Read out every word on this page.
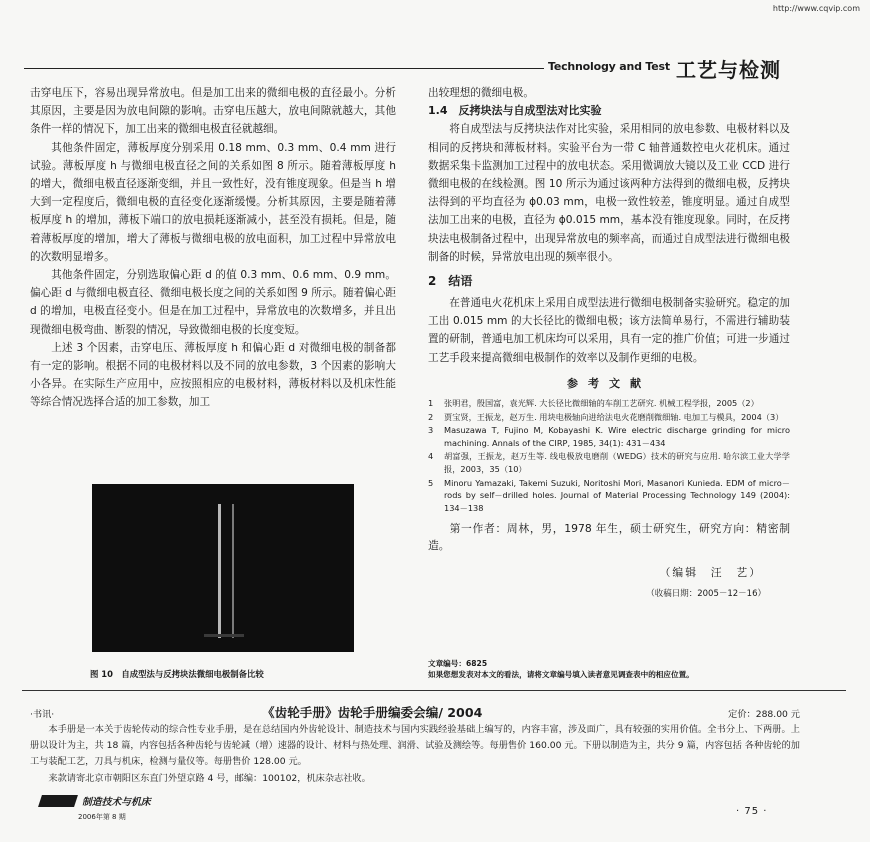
http://www.cqvip.com
Technology and Test 工艺与检测

击穿电压下，容易出现异常放电。但是加工出来的微细电极的直径最小。分析其原因，主要是因为放电间隙的影响。击穿电压越大，放电间隙就越大，其他条件一样的情况下，加工出来的微细电极直径就越细。

其他条件固定，薄板厚度分别采用 0.18 mm、0.3 mm、0.4 mm 进行试验。薄板厚度 h 与微细电极直径之间的关系如图 8 所示。随着薄板厚度 h 的增大，微细电极直径逐渐变细，并且一致性好，没有锥度现象。但是当 h 增大到一定程度后，微细电极的直径变化逐渐缓慢。分析其原因，主要是随着薄板厚度 h 的增加，薄板下端口的放电损耗逐渐减小，甚至没有损耗。但是，随着薄板厚度的增加，增大了薄板与微细电极的放电面积，加工过程中异常放电的次数明显增多。

其他条件固定，分别选取偏心距 d 的值 0.3 mm、0.6 mm、0.9 mm。偏心距 d 与微细电极直径、微细电极长度之间的关系如图 9 所示。随着偏心距 d 的增加，电极直径变小。但是在加工过程中，异常放电的次数增多，并且出现微细电极弯曲、断裂的情况，导致微细电极的长度变短。

上述 3 个因素，击穿电压、薄板厚度 h 和偏心距 d 对微细电极的制备都有一定的影响。根据不同的电极材料以及不同的放电参数，3 个因素的影响大小各异。在实际生产应用中，应按照相应的电极材料，薄板材料以及机床性能等综合情况选择合适的加工参数，加工

出较理想的微细电极。

1.4　反拷块法与自成型法对比实验

将自成型法与反拷块法作对比实验，采用相同的放电参数、电极材料以及相同的反拷块和薄板材料。实验平台为一带 C 轴普通数控电火花机床。通过数据采集卡监测加工过程中的放电状态。采用微调放大镜以及工业 CCD 进行微细电极的在线检测。图 10 所示为通过该两种方法得到的微细电极，反拷块法得到的平均直径为 ϕ0.03 mm，电极一致性较差，锥度明显。通过自成型法加工出来的电极，直径为 ϕ0.015 mm，基本没有锥度现象。同时，在反拷块法电极制备过程中，出现异常放电的频率高，而通过自成型法进行微细电极制备的时候，异常放电出现的频率很小。

2　 结语

在普通电火花机床上采用自成型法进行微细电极制备实验研究。稳定的加工出 0.015 mm 的大长径比的微细电极；该方法简单易行，不需进行辅助装置的研制，普通电加工机床均可以采用，具有一定的推广价值；可进一步通过工艺手段来提高微细电极制作的效率以及制作更细的电极。

参考文献
1	张明君，殷国富，袁光辉. 大长径比微细轴的车削工艺研究. 机械工程学报，2005（2）
2	贾宝贤，王振龙，赵万生. 用块电极轴向进给法电火花磨削微细轴. 电加工与模具，2004（3）
3	Masuzawa T, Fujino M, Kobayashi K. Wire electric discharge grinding for micro machining. Annals of the CIRP, 1985, 34(1): 431－434
4	胡富强，王振龙，赵万生等. 线电极放电磨削（WEDG）技术的研究与应用. 哈尔滨工业大学学报，2003，35（10）
5	Minoru Yamazaki, Takemi Suzuki, Noritoshi Mori, Masanori Kunieda. EDM of micro－rods by self－drilled holes. Journal of Material Processing Technology 149 (2004): 134－138
第一作者：周林，男，1978 年生，硕士研究生，研究方向：精密制造。
（编辑　汪　艺）
（收稿日期：2005－12－16）
图 10　自成型法与反拷块法微细电极制备比较
文章编号：6825
如果您想发表对本文的看法，请将文章编号填入读者意见调查表中的相应位置。
·书讯·	《齿轮手册》齿轮手册编委会编/ 2004	定价：288.00 元

本手册是一本关于齿轮传动的综合性专业手册，是在总结国内外齿轮设计、制造技术与国内实践经验基础上编写的，内容丰富，涉及面广，具有较强的实用价值。全书分上、下两册。上册以设计为主，共 18 篇，内容包括各种齿轮与齿轮减（增）速器的设计、材料与热处理、润滑、试验及测绘等。每册售价 160.00 元。下册以制造为主，共分 9 篇，内容包括 各种齿轮的加工与装配工艺，刀具与机床，检测与量仪等。每册售价 128.00 元。

来款请寄北京市朝阳区东直门外望京路 4 号，邮编：100102，机床杂志社收。

制造技术与机床
2006年第 8 期	· 75 ·
